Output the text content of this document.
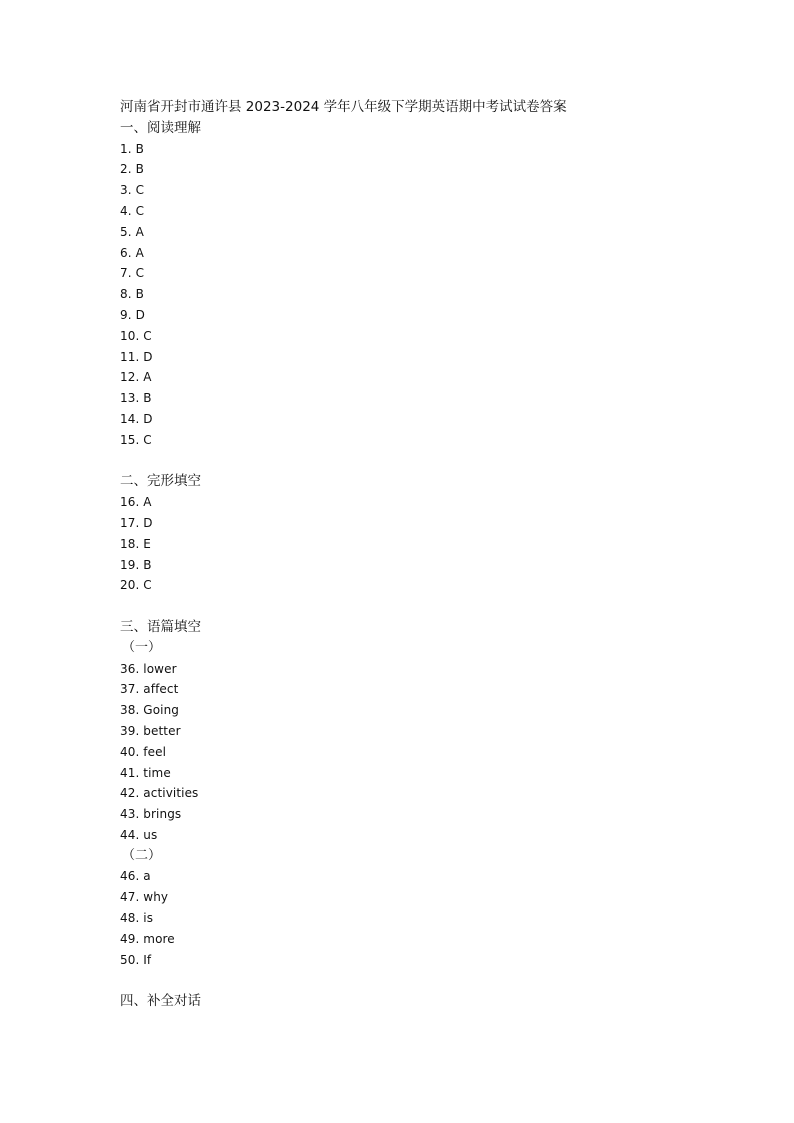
河南省开封市通许县 2023-2024 学年八年级下学期英语期中考试试卷答案
一、阅读理解
1. B
2. B
3. C
4. C
5. A
6. A
7. C
8. B
9. D
10. C
11. D
12. A
13. B
14. D
15. C
二、完形填空
16. A
17. D
18. E
19. B
20. C
三、语篇填空
（一）
36. lower
37. affect
38. Going
39. better
40. feel
41. time
42. activities
43. brings
44. us
（二）
46. a
47. why
48. is
49. more
50. If
四、补全对话
